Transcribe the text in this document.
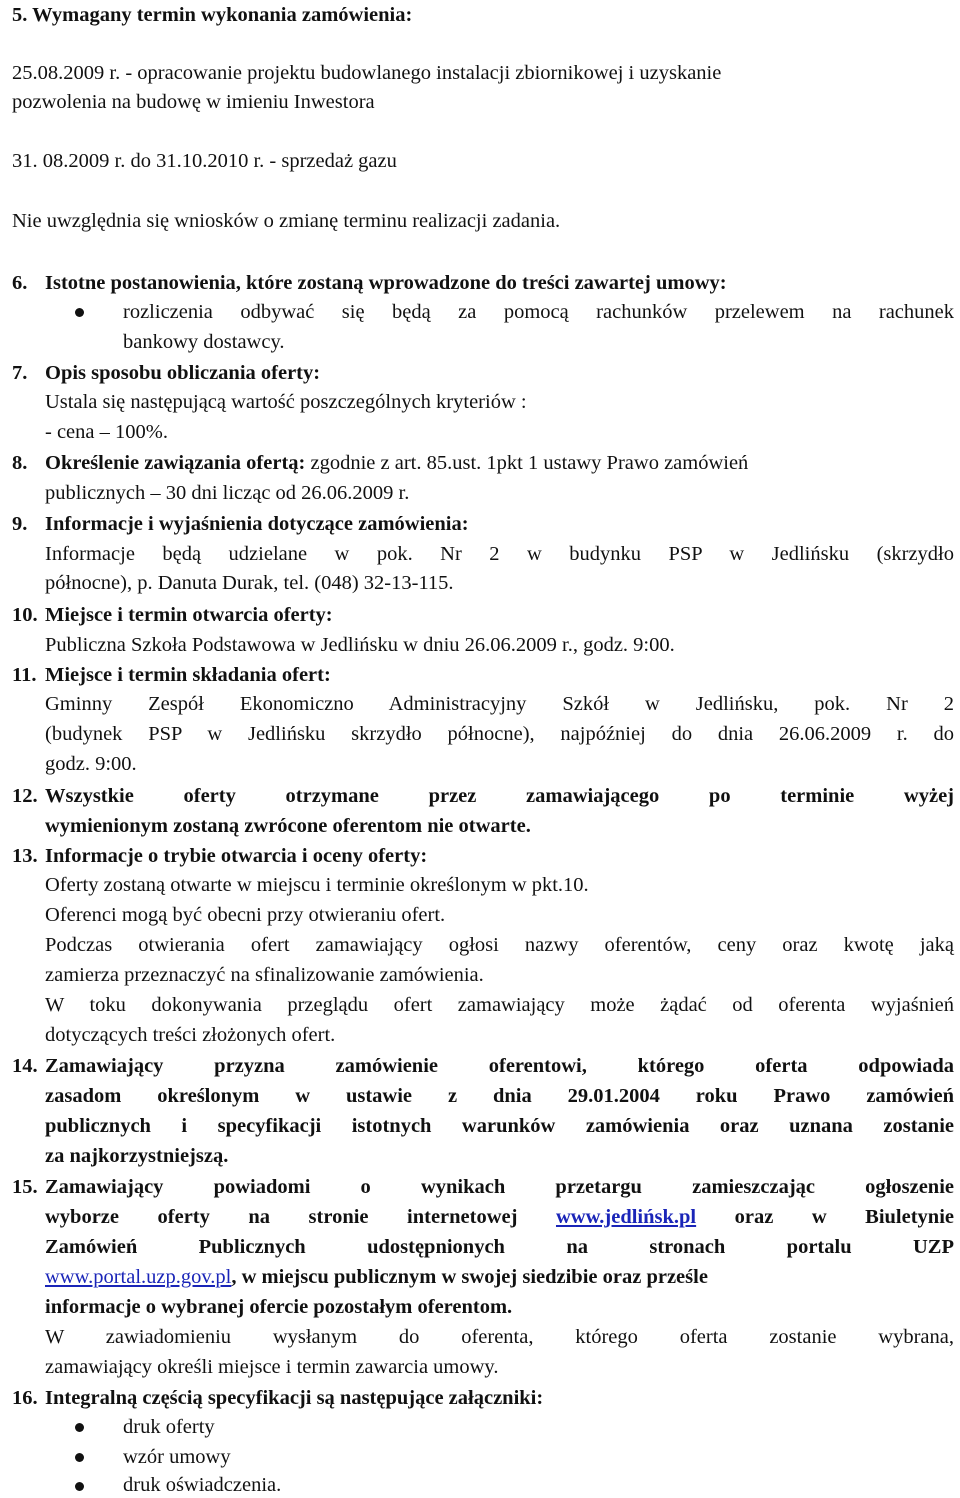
5. Wymagany termin wykonania zamówienia:
25.08.2009 r. - opracowanie projektu budowlanego instalacji zbiornikowej i uzyskanie
pozwolenia na budowę w imieniu Inwestora
31. 08.2009 r. do 31.10.2010 r. - sprzedaż gazu
Nie uwzględnia się wniosków o zmianę terminu realizacji zadania.
6. Istotne postanowienia, które zostaną wprowadzone do treści zawartej umowy:
rozliczenia odbywać się będą za pomocą rachunków przelewem na rachunek
bankowy dostawcy.
7. Opis sposobu obliczania oferty:
Ustala się następującą wartość poszczególnych kryteriów :
- cena – 100%.
8. Określenie zawiązania ofertą: zgodnie z art. 85.ust. 1pkt 1 ustawy Prawo zamówień
publicznych – 30 dni licząc od 26.06.2009 r.
9. Informacje i wyjaśnienia dotyczące zamówienia:
Informacje będą udzielane w pok. Nr 2 w budynku PSP w Jedlińsku (skrzydło
północne), p. Danuta Durak, tel. (048) 32-13-115.
10. Miejsce i termin otwarcia oferty:
Publiczna Szkoła Podstawowa w Jedlińsku w dniu 26.06.2009 r., godz. 9:00.
11. Miejsce i termin składania ofert:
Gminny Zespół Ekonomiczno Administracyjny Szkół w Jedlińsku, pok. Nr 2
(budynek PSP w Jedlińsku skrzydło północne), najpóźniej do dnia 26.06.2009 r. do
godz. 9:00.
12. Wszystkie oferty otrzymane przez zamawiającego po terminie wyżej
wymienionym zostaną zwrócone oferentom nie otwarte.
13. Informacje o trybie otwarcia i oceny oferty:
Oferty zostaną otwarte w miejscu i terminie określonym w pkt.10.
Oferenci mogą być obecni przy otwieraniu ofert.
Podczas otwierania ofert zamawiający ogłosi nazwy oferentów, ceny oraz kwotę jaką
zamierza przeznaczyć na sfinalizowanie zamówienia.
W toku dokonywania przeglądu ofert zamawiający może żądać od oferenta wyjaśnień
dotyczących treści złożonych ofert.
14. Zamawiający przyzna zamówienie oferentowi, którego oferta odpowiada
zasadom określonym w ustawie z dnia 29.01.2004 roku Prawo zamówień
publicznych i specyfikacji istotnych warunków zamówienia oraz uznana zostanie
za najkorzystniejszą.
15. Zamawiający powiadomi o wynikach przetargu zamieszczając ogłoszenie
wyborze oferty na stronie internetowej www.jedlińsk.pl oraz w Biuletynie
Zamówień Publicznych udostępnionych na stronach portalu UZP
www.portal.uzp.gov.pl, w miejscu publicznym w swojej siedzibie oraz prześle
informacje o wybranej ofercie pozostałym oferentom.
W zawiadomieniu wysłanym do oferenta, którego oferta zostanie wybrana,
zamawiający określi miejsce i termin zawarcia umowy.
16. Integralną częścią specyfikacji są następujące załączniki:
druk oferty
wzór umowy
druk oświadczenia.
